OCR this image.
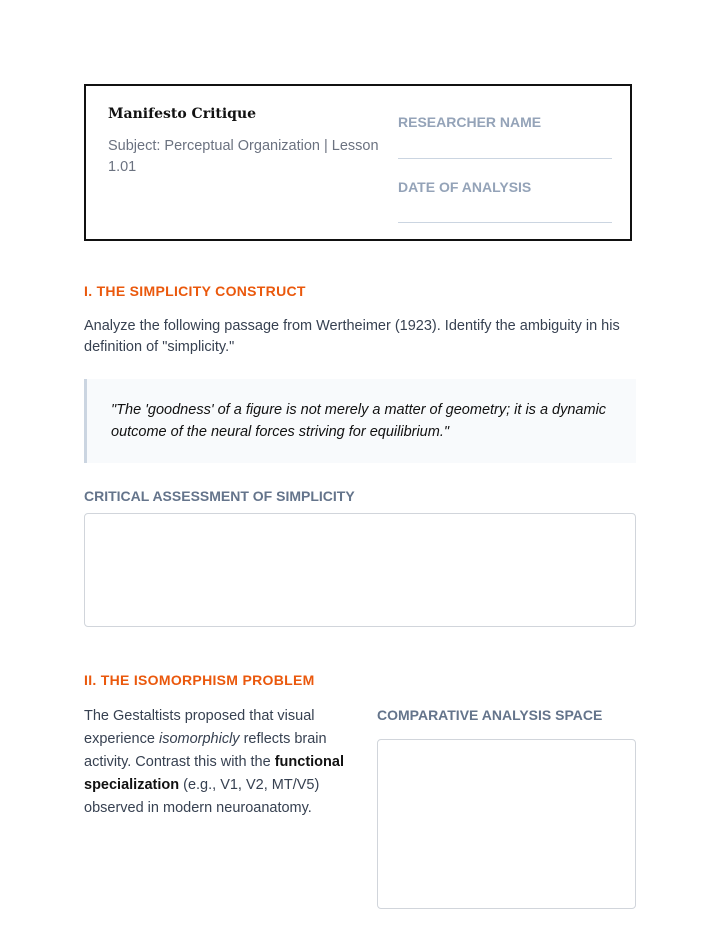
Manifesto Critique
Subject: Perceptual Organization | Lesson 1.01
RESEARCHER NAME
DATE OF ANALYSIS
I. THE SIMPLICITY CONSTRUCT
Analyze the following passage from Wertheimer (1923). Identify the ambiguity in his definition of "simplicity."
"The 'goodness' of a figure is not merely a matter of geometry; it is a dynamic outcome of the neural forces striving for equilibrium."
CRITICAL ASSESSMENT OF SIMPLICITY
II. THE ISOMORPHISM PROBLEM
The Gestaltists proposed that visual experience isomorphicly reflects brain activity. Contrast this with the functional specialization (e.g., V1, V2, MT/V5) observed in modern neuroanatomy.
COMPARATIVE ANALYSIS SPACE
